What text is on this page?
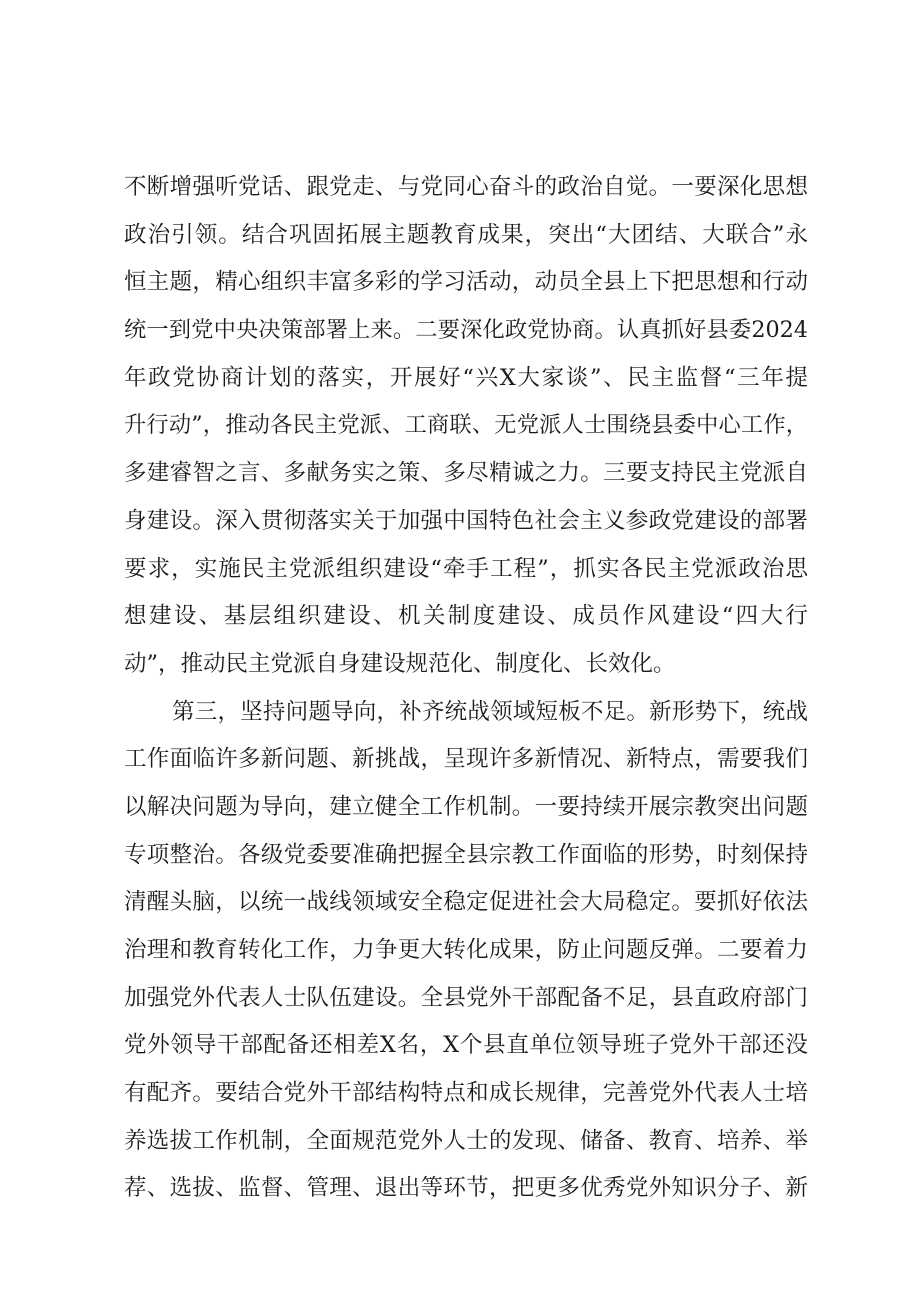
不断增强听党话、跟党走、与党同心奋斗的政治自觉。一要深化思想
政治引领。结合巩固拓展主题教育成果，突出“大团结、大联合”永
恒主题，精心组织丰富多彩的学习活动，动员全县上下把思想和行动
统一到党中央决策部署上来。二要深化政党协商。认真抓好县委2024
年政党协商计划的落实，开展好“兴X大家谈”、民主监督“三年提
升行动”，推动各民主党派、工商联、无党派人士围绕县委中心工作，
多建睿智之言、多献务实之策、多尽精诚之力。三要支持民主党派自
身建设。深入贯彻落实关于加强中国特色社会主义参政党建设的部署
要求，实施民主党派组织建设“牵手工程”，抓实各民主党派政治思
想建设、基层组织建设、机关制度建设、成员作风建设“四大行
动”，推动民主党派自身建设规范化、制度化、长效化。
第三，坚持问题导向，补齐统战领域短板不足。新形势下，统战
工作面临许多新问题、新挑战，呈现许多新情况、新特点，需要我们
以解决问题为导向，建立健全工作机制。一要持续开展宗教突出问题
专项整治。各级党委要准确把握全县宗教工作面临的形势，时刻保持
清醒头脑，以统一战线领域安全稳定促进社会大局稳定。要抓好依法
治理和教育转化工作，力争更大转化成果，防止问题反弹。二要着力
加强党外代表人士队伍建设。全县党外干部配备不足，县直政府部门
党外领导干部配备还相差X名，X个县直单位领导班子党外干部还没
有配齐。要结合党外干部结构特点和成长规律，完善党外代表人士培
养选拔工作机制，全面规范党外人士的发现、储备、教育、培养、举
荐、选拔、监督、管理、退出等环节，把更多优秀党外知识分子、新
